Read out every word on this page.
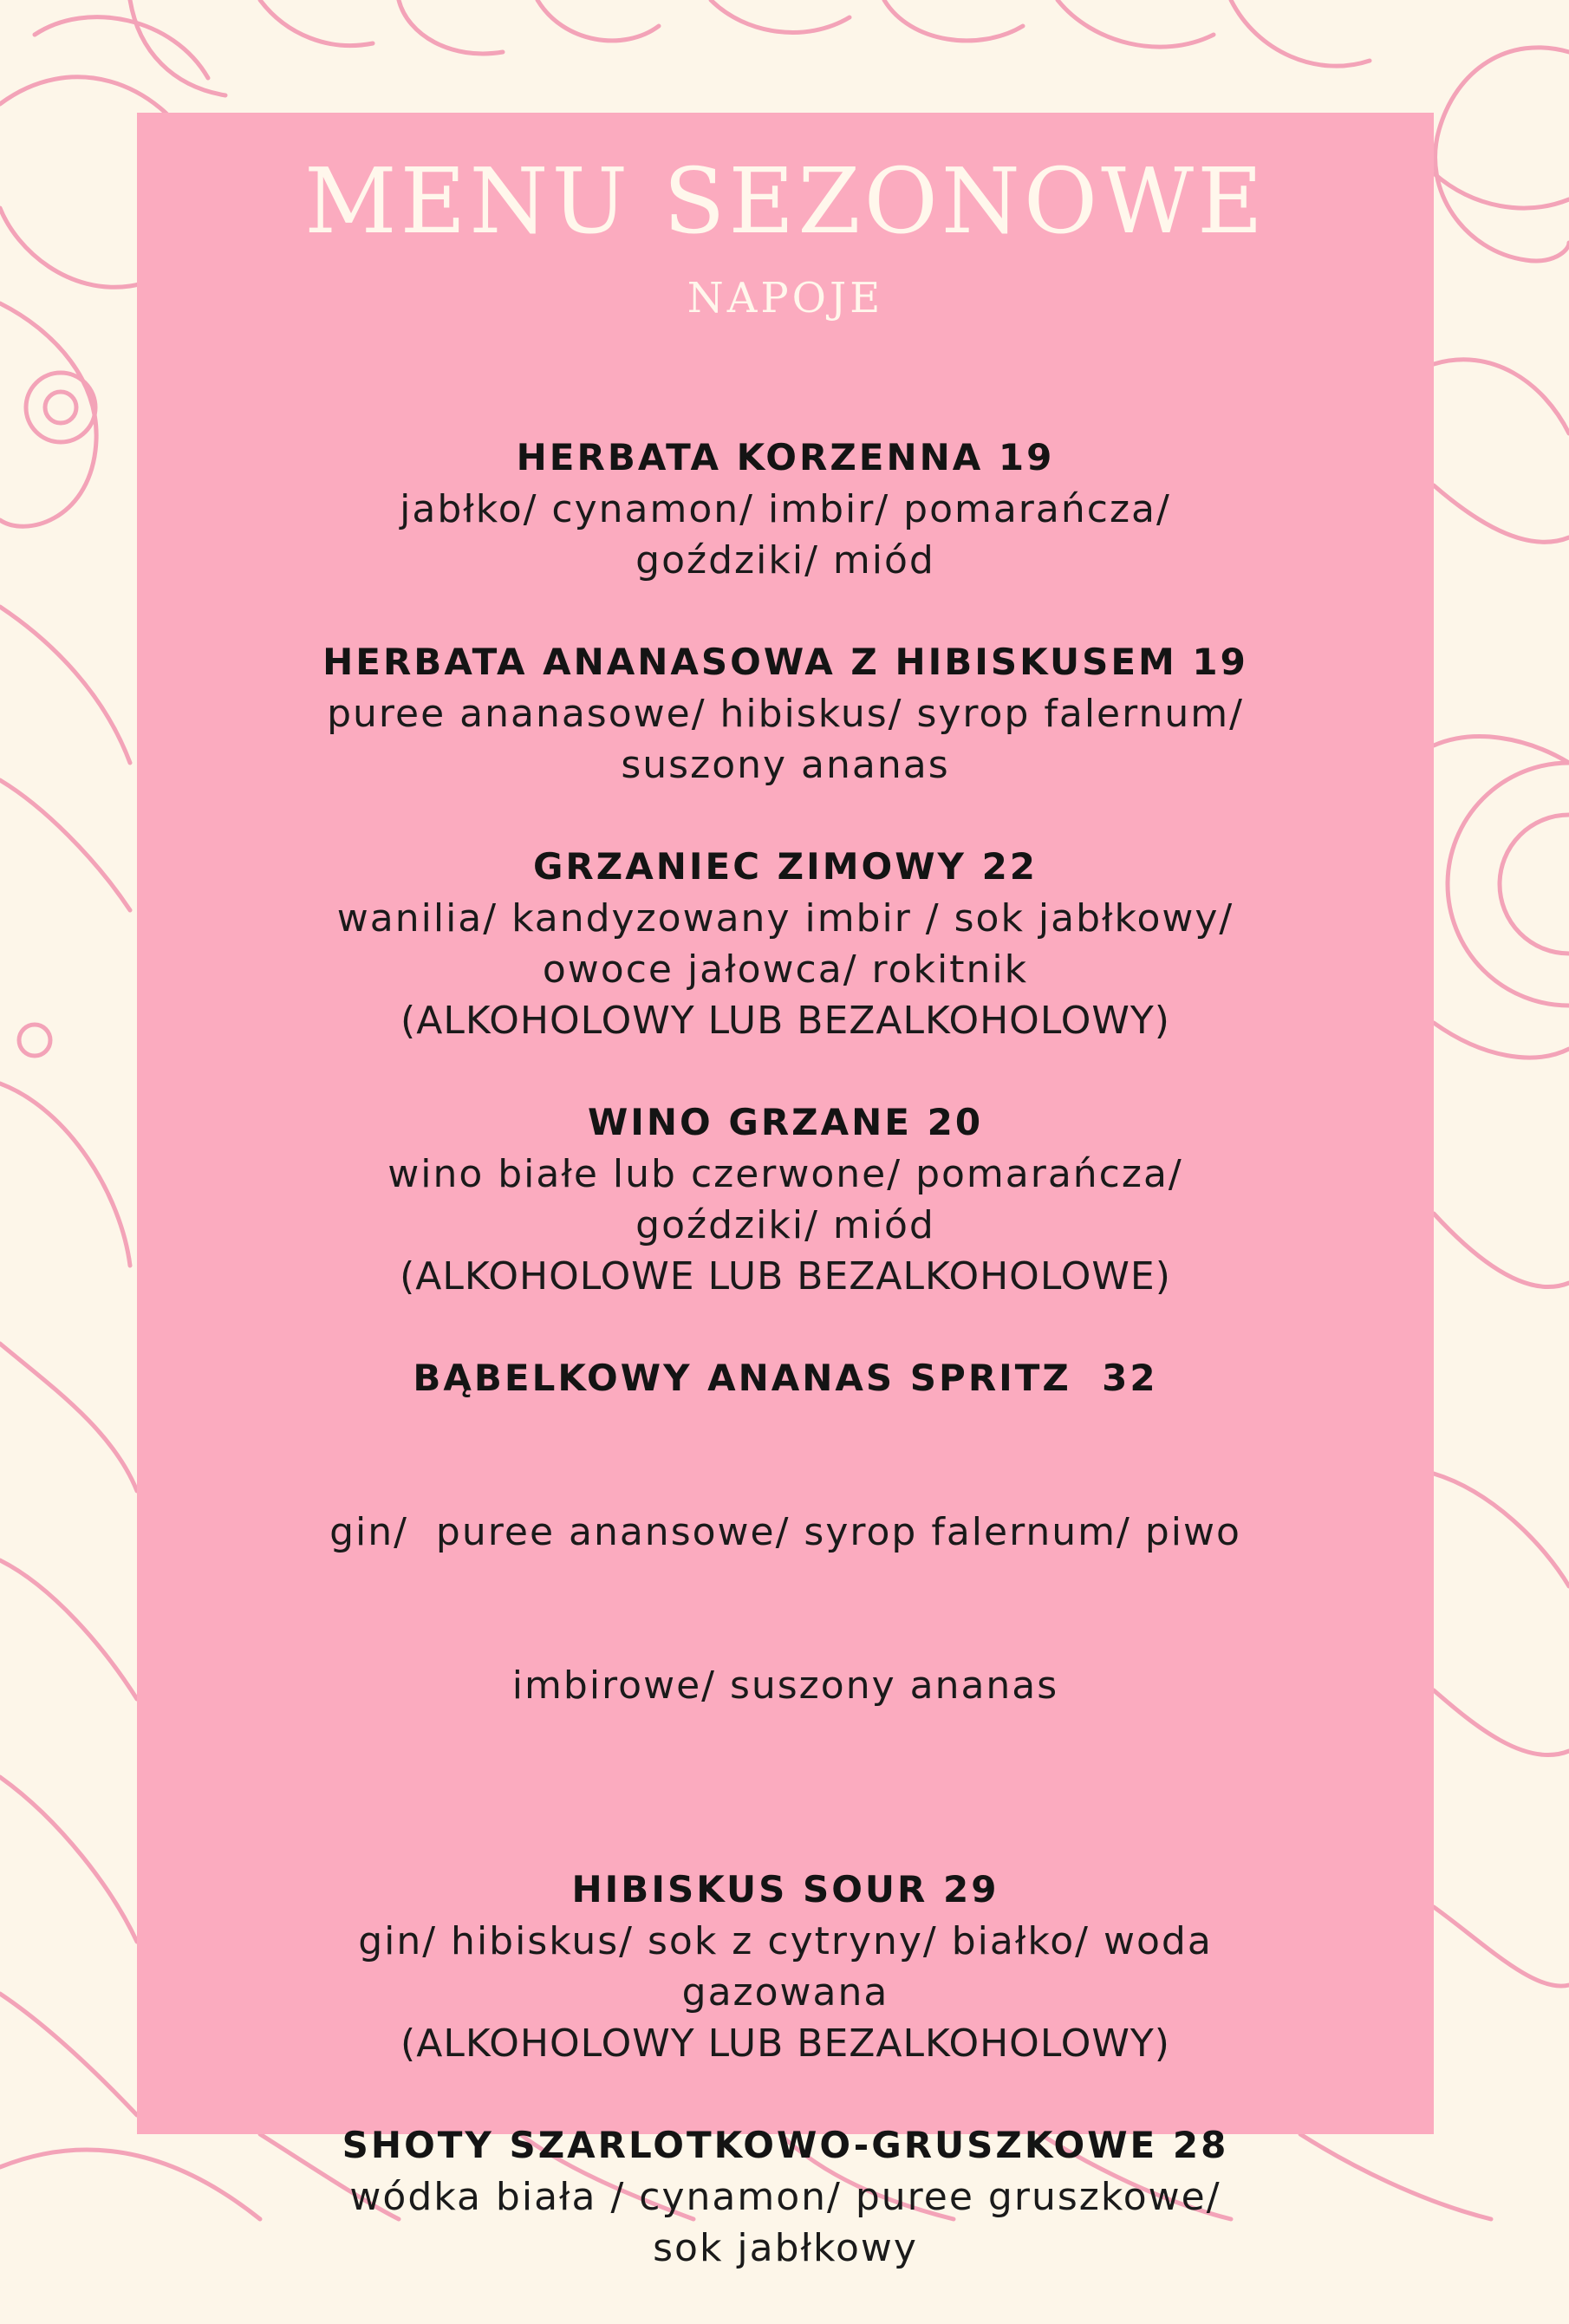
MENU SEZONOWE
NAPOJE
HERBATA KORZENNA 19
jabłko/ cynamon/ imbir/ pomarańcza/
goździki/ miód
HERBATA ANANASOWA Z HIBISKUSEM 19
puree ananasowe/ hibiskus/ syrop falernum/
suszony ananas
GRZANIEC ZIMOWY 22
wanilia/ kandyzowany imbir / sok jabłkowy/
owoce jałowca/ rokitnik
(ALKOHOLOWY LUB BEZALKOHOLOWY)
WINO GRZANE 20
wino białe lub czerwone/ pomarańcza/
goździki/ miód
(ALKOHOLOWE LUB BEZALKOHOLOWE)
BĄBELKOWY ANANAS SPRITZ  32

gin/  puree anansowe/ syrop falernum/ piwo

imbirowe/ suszony ananas

HIBISKUS SOUR 29
gin/ hibiskus/ sok z cytryny/ białko/ woda
gazowana
(ALKOHOLOWY LUB BEZALKOHOLOWY)
SHOTY SZARLOTKOWO-GRUSZKOWE 28
wódka biała / cynamon/ puree gruszkowe/
sok jabłkowy
